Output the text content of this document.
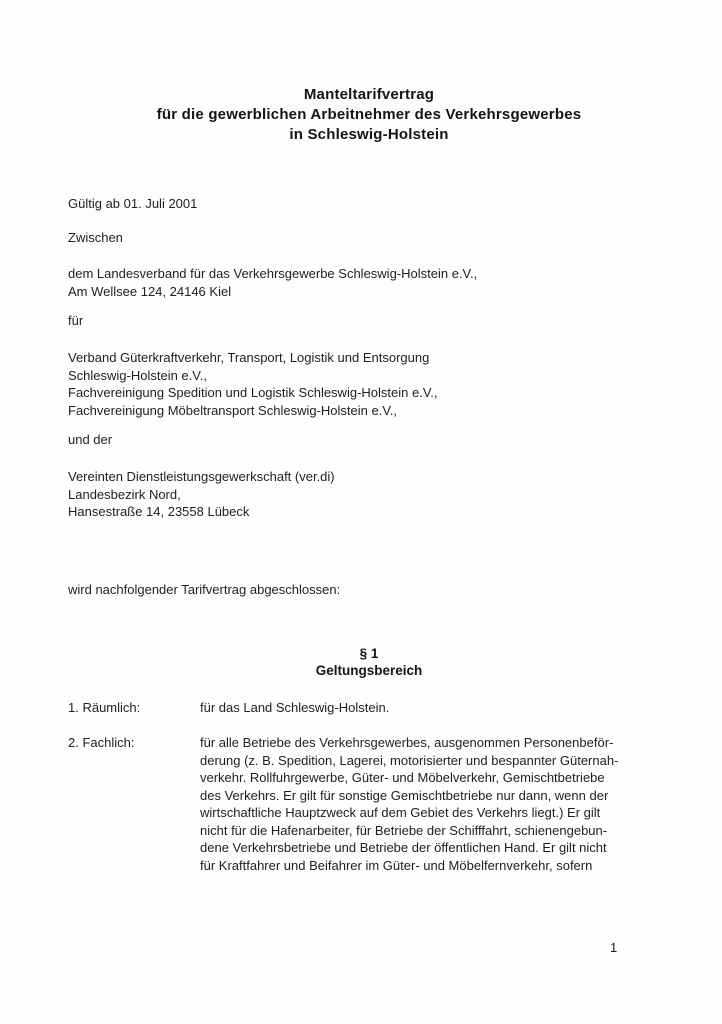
Manteltarifvertrag
für die gewerblichen Arbeitnehmer des Verkehrsgewerbes
in Schleswig-Holstein
Gültig ab 01. Juli 2001
Zwischen
dem Landesverband für das Verkehrsgewerbe Schleswig-Holstein e.V.,
Am Wellsee 124, 24146 Kiel
für
Verband Güterkraftverkehr, Transport, Logistik und Entsorgung
Schleswig-Holstein e.V.,
Fachvereinigung Spedition und Logistik Schleswig-Holstein e.V.,
Fachvereinigung Möbeltransport Schleswig-Holstein e.V.,
und der
Vereinten Dienstleistungsgewerkschaft (ver.di)
Landesbezirk Nord,
Hansestraße 14, 23558 Lübeck
wird nachfolgender Tarifvertrag abgeschlossen:
§ 1
Geltungsbereich
1. Räumlich:	für das Land Schleswig-Holstein.
2. Fachlich:	für alle Betriebe des Verkehrsgewerbes, ausgenommen Personenbeför-
derung (z. B. Spedition, Lagerei, motorisierter und bespannter Güternah-
verkehr. Rollfuhrgewerbe, Güter- und Möbelverkehr, Gemischtbetriebe
des Verkehrs. Er gilt für sonstige Gemischtbetriebe nur dann, wenn der
wirtschaftliche Hauptzweck auf dem Gebiet des Verkehrs liegt.) Er gilt
nicht für die Hafenarbeiter, für Betriebe der Schifffahrt, schienengebun-
dene Verkehrsbetriebe und Betriebe der öffentlichen Hand. Er gilt nicht
für Kraftfahrer und Beifahrer im Güter- und Möbelfernverkehr, sofern
1
